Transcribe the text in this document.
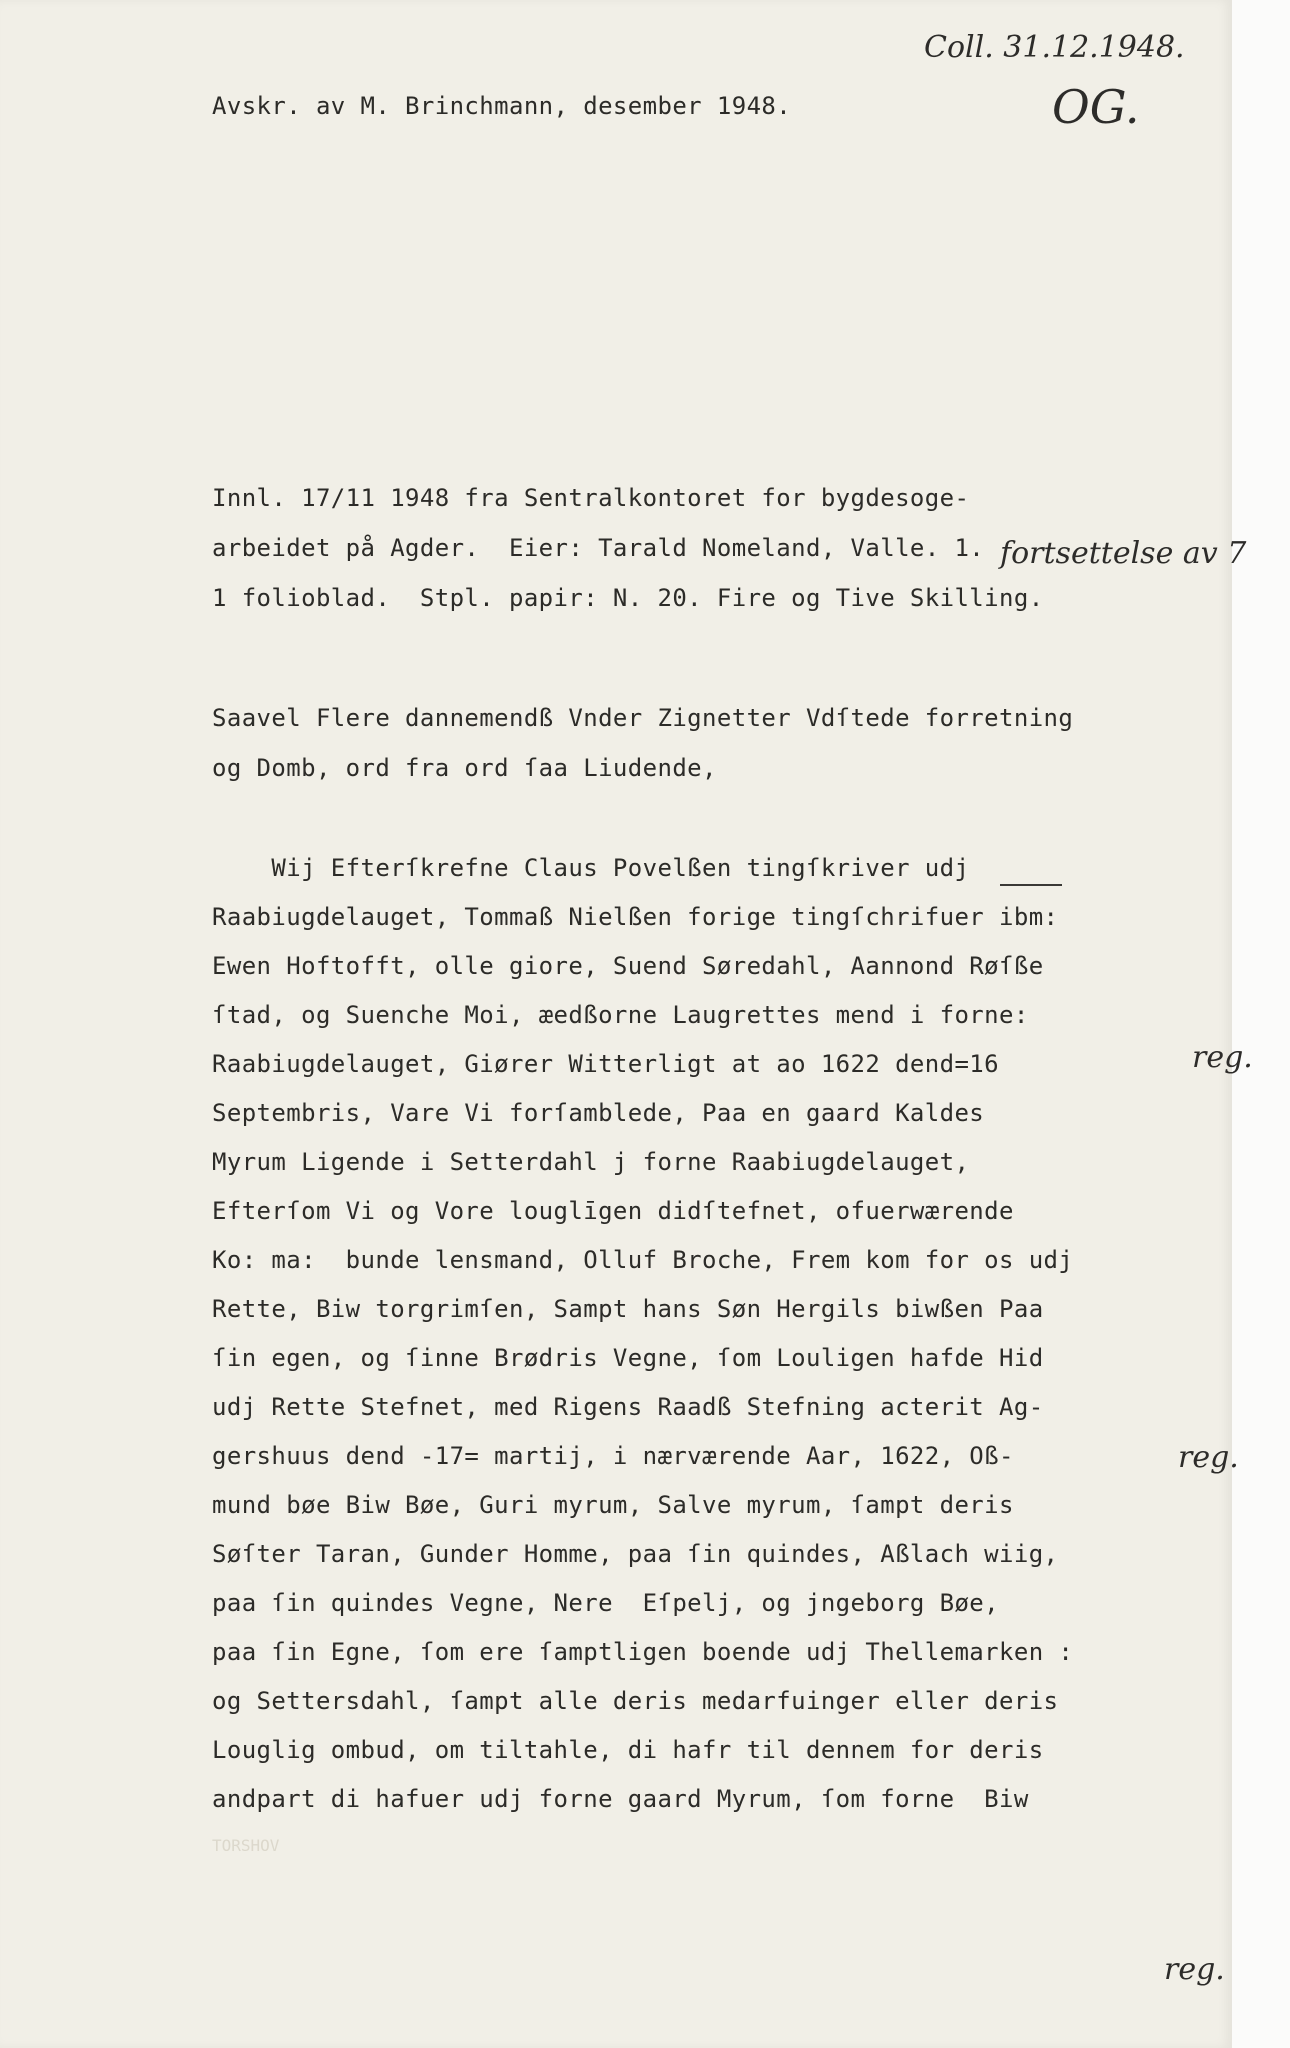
Coll. 31.12.1948.
OG.
fortsettelse av 7
reg.
reg.
reg.
Avskr. av M. Brinchmann, desember 1948.
Innl. 17/11 1948 fra Sentralkontoret for bygdesoge-
arbeidet på Agder.  Eier: Tarald Nomeland, Valle. 1.
1 folioblad.  Stpl. papir: N. 20. Fire og Tive Skilling.
Saavel Flere dannemendß Vnder Zignetter Vdſtede forretning
og Domb, ord fra ord ſaa Liudende,
Wij Efterſkrefne Claus Povelßen tingſkriver udj
Raabiugdelauget, Tommaß Nielßen forige tingſchrifuer ibm:
Ewen Hoftofft, olle giore, Suend Søredahl, Aannond Røſße
ſtad, og Suenche Moi, æedßorne Laugrettes mend i forne:
Raabiugdelauget, Giører Witterligt at ao 1622 dend=16
Septembris, Vare Vi forſamblede, Paa en gaard Kaldes
Myrum Ligende i Setterdahl j forne Raabiugdelauget,
Efterſom Vi og Vore louglīgen didſtefnet, ofuerwærende
Ko: ma:  bunde lensmand, Olluf Broche, Frem kom for os udj
Rette, Biw torgrimſen, Sampt hans Søn Hergils biwßen Paa
ſin egen, og ſinne Brødris Vegne, ſom Louligen hafde Hid
udj Rette Stefnet, med Rigens Raadß Stefning acterit Ag-
gershuus dend -17= martij, i nærværende Aar, 1622, Oß-
mund bøe Biw Bøe, Guri myrum, Salve myrum, ſampt deris
Søſter Taran, Gunder Homme, paa ſin quindes, Aßlach wiig,
paa ſin quindes Vegne, Nere  Eſpelj, og jngeborg Bøe,
paa ſin Egne, ſom ere ſamptligen boende udj Thellemarken :
og Settersdahl, ſampt alle deris medarfuinger eller deris
Louglig ombud, om tiltahle, di hafr til dennem for deris
andpart di hafuer udj forne gaard Myrum, ſom forne  Biw
TORSHOV
